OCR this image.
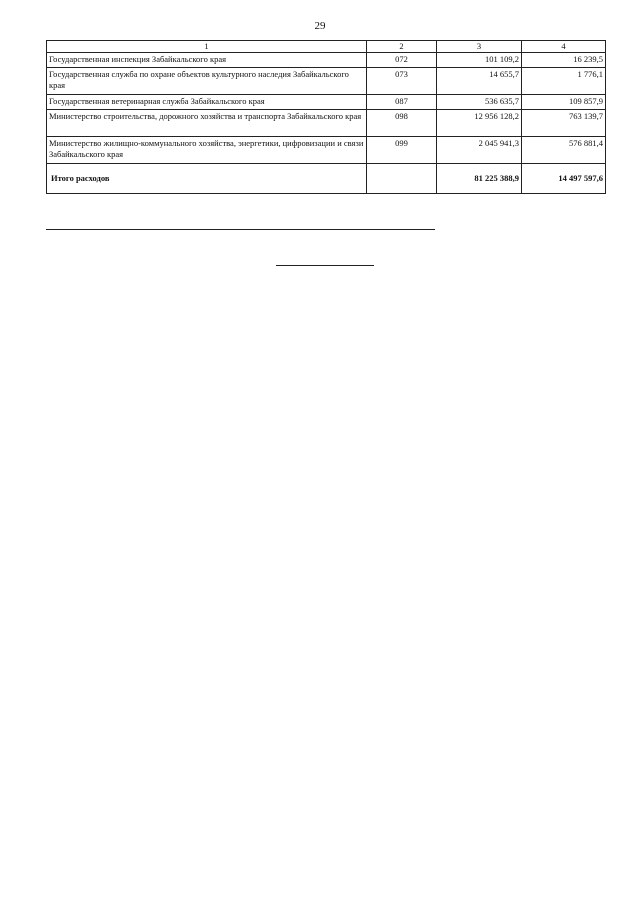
29
1	2	3	4
Государственная инспекция Забайкальского края	072	101 109,2	16 239,5
Государственная служба по охране объектов культурного наследия Забайкальского края	073	14 655,7	1 776,1
Государственная ветеринарная служба Забайкальского края	087	536 635,7	109 857,9
Министерство строительства, дорожного хозяйства и транспорта Забайкальского края	098	12 956 128,2	763 139,7
Министерство жилищно-коммунального хозяйства, энергетики, цифровизации и связи Забайкальского края	099	2 045 941,3	576 881,4
Итого расходов		81 225 388,9	14 497 597,6
